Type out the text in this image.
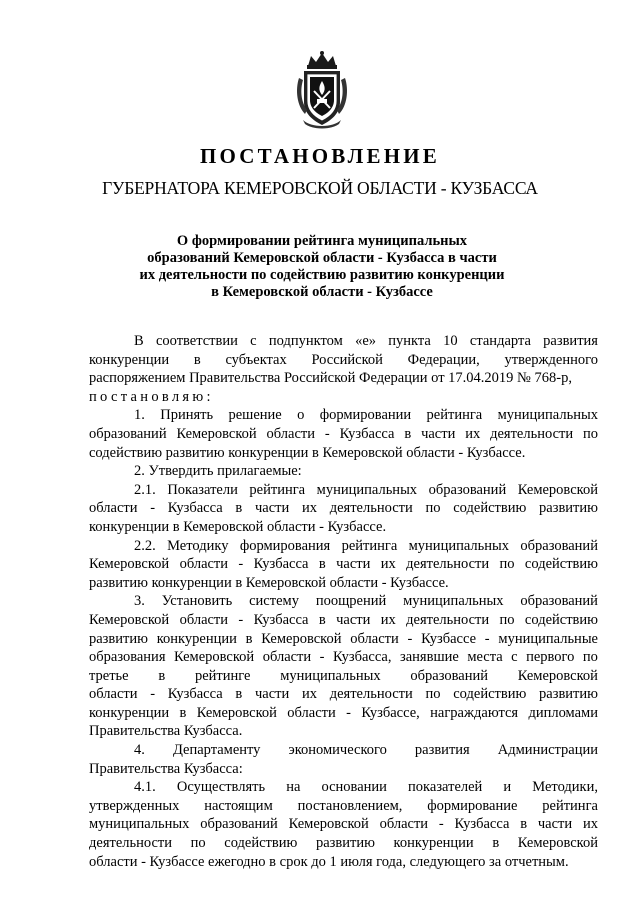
ПОСТАНОВЛЕНИЕ
ГУБЕРНАТОРА КЕМЕРОВСКОЙ ОБЛАСТИ - КУЗБАССА
О формировании рейтинга муниципальных
образований Кемеровской области - Кузбасса в части
их деятельности по содействию развитию конкуренции
в Кемеровской области - Кузбассе
В соответствии с подпунктом «е» пункта 10 стандарта развития
конкуренции в субъектах Российской Федерации, утвержденного
распоряжением Правительства Российской Федерации от 17.04.2019 № 768-р,
постановляю:
1. Принять решение о формировании рейтинга муниципальных
образований Кемеровской области - Кузбасса в части их деятельности по
содействию развитию конкуренции в Кемеровской области - Кузбассе.
2. Утвердить прилагаемые:
2.1. Показатели рейтинга муниципальных образований Кемеровской
области - Кузбасса в части их деятельности по содействию развитию
конкуренции в Кемеровской области - Кузбассе.
2.2. Методику формирования рейтинга муниципальных образований
Кемеровской области - Кузбасса в части их деятельности по содействию
развитию конкуренции в Кемеровской области - Кузбассе.
3. Установить систему поощрений муниципальных образований
Кемеровской области - Кузбасса в части их деятельности по содействию
развитию конкуренции в Кемеровской области - Кузбассе - муниципальные
образования Кемеровской области - Кузбасса, занявшие места с первого по
третье в рейтинге муниципальных образований Кемеровской
области - Кузбасса в части их деятельности по содействию развитию
конкуренции в Кемеровской области - Кузбассе, награждаются дипломами
Правительства Кузбасса.
4. Департаменту экономического развития Администрации
Правительства Кузбасса:
4.1. Осуществлять на основании показателей и Методики,
утвержденных настоящим постановлением, формирование рейтинга
муниципальных образований Кемеровской области - Кузбасса в части их
деятельности по содействию развитию конкуренции в Кемеровской
области - Кузбассе ежегодно в срок до 1 июля года, следующего за отчетным.
